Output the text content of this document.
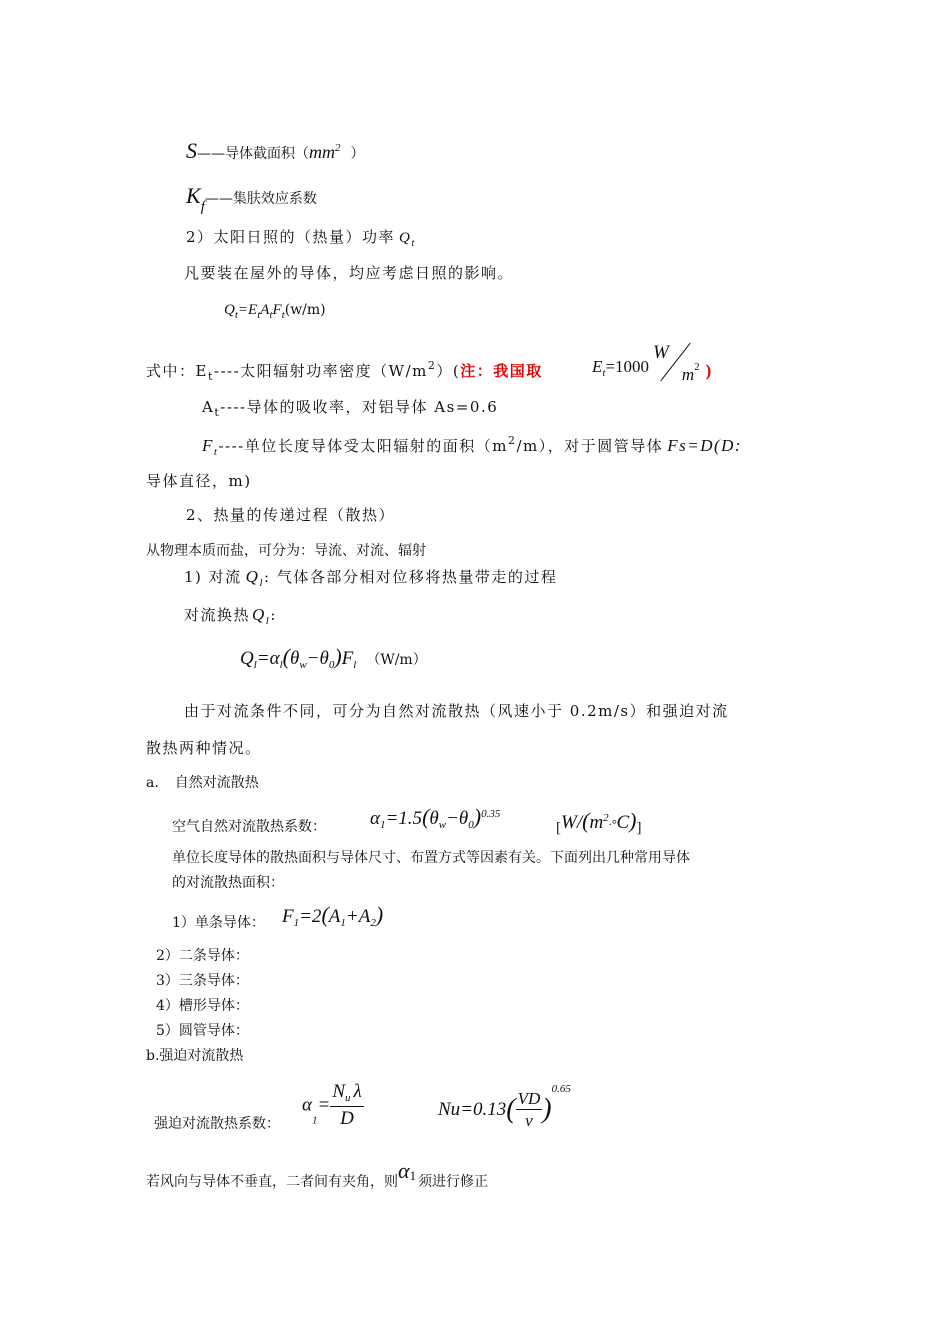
S——导体截面积（$mm^2$ ）
Kf——集肤效应系数
2）太阳日照的（热量）功率 $Q_t$
凡要装在屋外的导体，均应考虑日照的影响。
$Q_t=E_tA_tF_t(w/m)$
式中：$E_t----$太阳辐射功率密度$(W/m^2)$(注：我国取	$E_t=1000Wm_2$ )
$A_t----$导体的吸收率，对铝导体 As=0.6
$F_t----$单位长度导体受太阳辐射的面积$(m^2/m)$，对于圆管导体 Fs=D(D:
导体直径，m)
2、热量的传递过程（散热）
从物理本质而盐，可分为：导流、对流、辐射
1) 对流 $Q_l$: 气体各部分相对位移将热量带走的过程
对流换热 $Q_l$:
$Q_l=\alpha_l(\theta_w-\theta_0)F_l$ （W/m）
由于对流条件不同，可分为自然对流散热（风速小于 0.2m/s）和强迫对流
散热两种情况。
a. 自然对流散热
空气自然对流散热系数： $\alpha_1=1.5(\theta_w-\theta_0)^{0.35}$
$_[W/(m^2\cdot^\circ C)_]$
单位长度导体的散热面积与导体尺寸、布置方式等因素有关。下面列出几种常用导体
的对流散热面积：
1）单条导体： $F_1=2(A_1+A_2)$
2）二条导体：
3）三条导体：
4）槽形导体：
5）圆管导体：
b.强迫对流散热
强迫对流散热系数：
$\alpha_1= \frac{N_u \lambda}{D}$	$Nu=0.13( \frac{VD}{\nu} )^{0.65}$
若风向与导体不垂直，二者间有夹角，则α1 须进行修正
